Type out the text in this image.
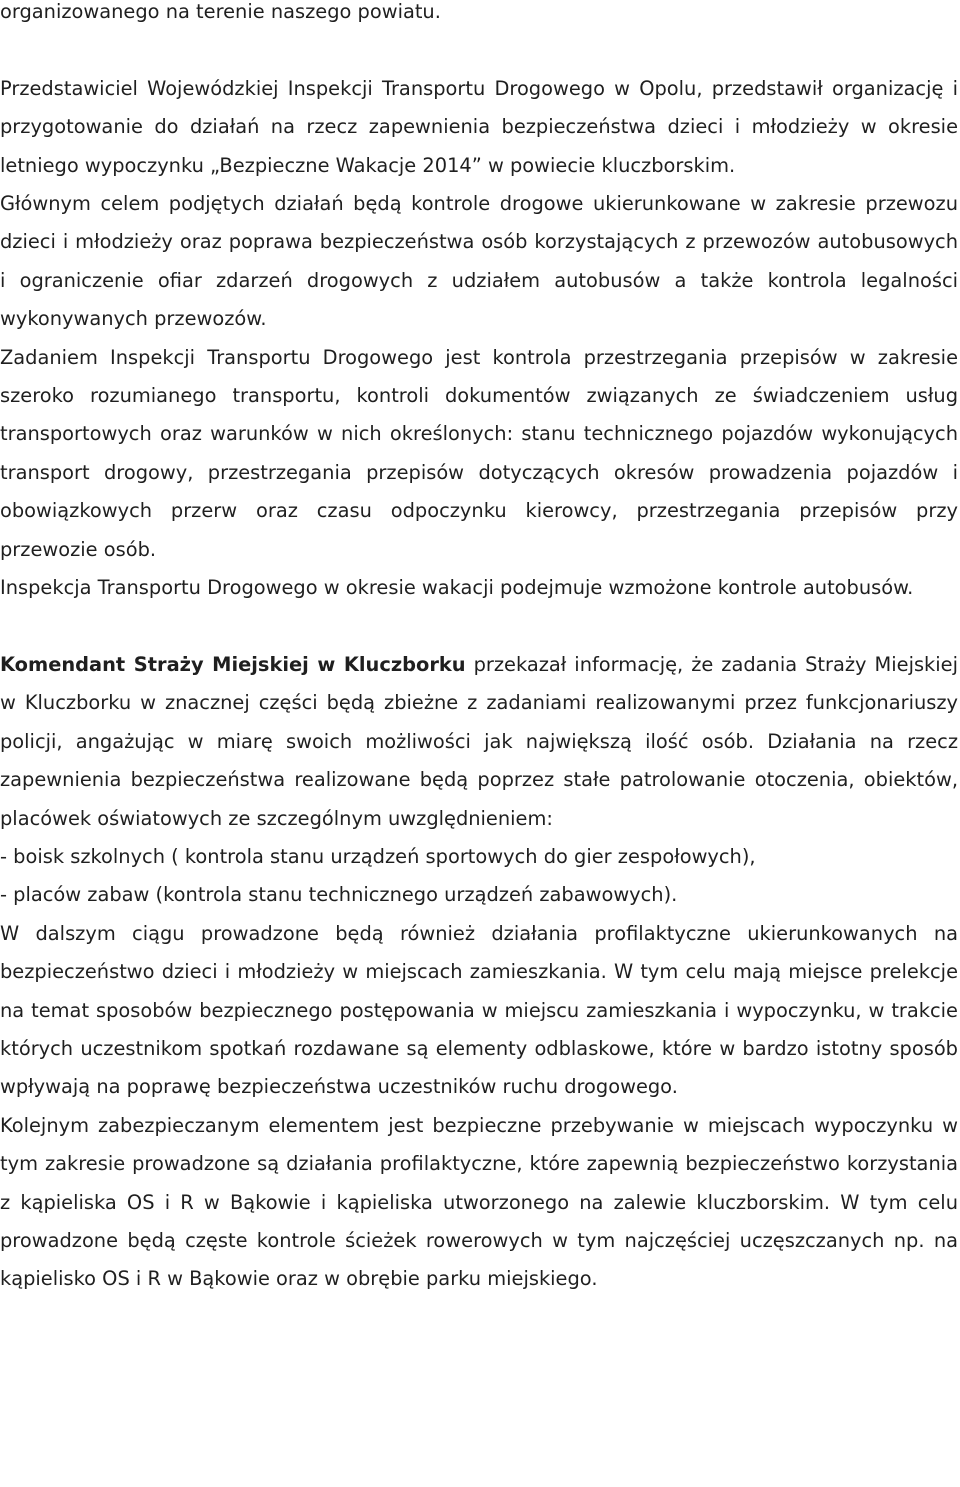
organizowanego na terenie naszego powiatu.

Przedstawiciel Wojewódzkiej Inspekcji Transportu Drogowego w Opolu, przedstawił organizację i przygotowanie do działań na rzecz zapewnienia bezpieczeństwa dzieci i młodzieży w okresie letniego wypoczynku „Bezpieczne Wakacje 2014” w powiecie kluczborskim.

Głównym celem podjętych działań będą kontrole drogowe ukierunkowane w zakresie przewozu dzieci i młodzieży oraz poprawa bezpieczeństwa osób korzystających z przewozów autobusowych i ograniczenie ofiar zdarzeń drogowych z udziałem autobusów a także kontrola legalności wykonywanych przewozów.

Zadaniem Inspekcji Transportu Drogowego jest kontrola przestrzegania przepisów w zakresie szeroko rozumianego transportu, kontroli dokumentów związanych ze świadczeniem usług transportowych oraz warunków w nich określonych: stanu technicznego pojazdów wykonujących transport drogowy, przestrzegania przepisów dotyczących okresów prowadzenia pojazdów i obowiązkowych przerw oraz czasu odpoczynku kierowcy, przestrzegania przepisów przy przewozie osób.

Inspekcja Transportu Drogowego w okresie wakacji podejmuje wzmożone kontrole autobusów.

Komendant Straży Miejskiej w Kluczborku przekazał informację, że zadania Straży Miejskiej w Kluczborku w znacznej części będą zbieżne z zadaniami realizowanymi przez funkcjonariuszy policji, angażując w miarę swoich możliwości jak największą ilość osób. Działania na rzecz zapewnienia bezpieczeństwa realizowane będą poprzez stałe patrolowanie otoczenia, obiektów, placówek oświatowych ze szczególnym uwzględnieniem:

- boisk szkolnych ( kontrola stanu urządzeń sportowych do gier zespołowych),

- placów zabaw (kontrola stanu technicznego urządzeń zabawowych).

W dalszym ciągu prowadzone będą również działania profilaktyczne ukierunkowanych na bezpieczeństwo dzieci i młodzieży w miejscach zamieszkania. W tym celu mają miejsce prelekcje na temat sposobów bezpiecznego postępowania w miejscu zamieszkania i wypoczynku, w trakcie których uczestnikom spotkań rozdawane są elementy odblaskowe, które w bardzo istotny sposób wpływają na poprawę bezpieczeństwa uczestników ruchu drogowego.

Kolejnym zabezpieczanym elementem jest bezpieczne przebywanie w miejscach wypoczynku w tym zakresie prowadzone są działania profilaktyczne, które zapewnią bezpieczeństwo korzystania z kąpieliska OS i R w Bąkowie i kąpieliska utworzonego na zalewie kluczborskim. W tym celu prowadzone będą częste kontrole ścieżek rowerowych w tym najczęściej uczęszczanych np. na kąpielisko OS i R w Bąkowie oraz w obrębie parku miejskiego.
